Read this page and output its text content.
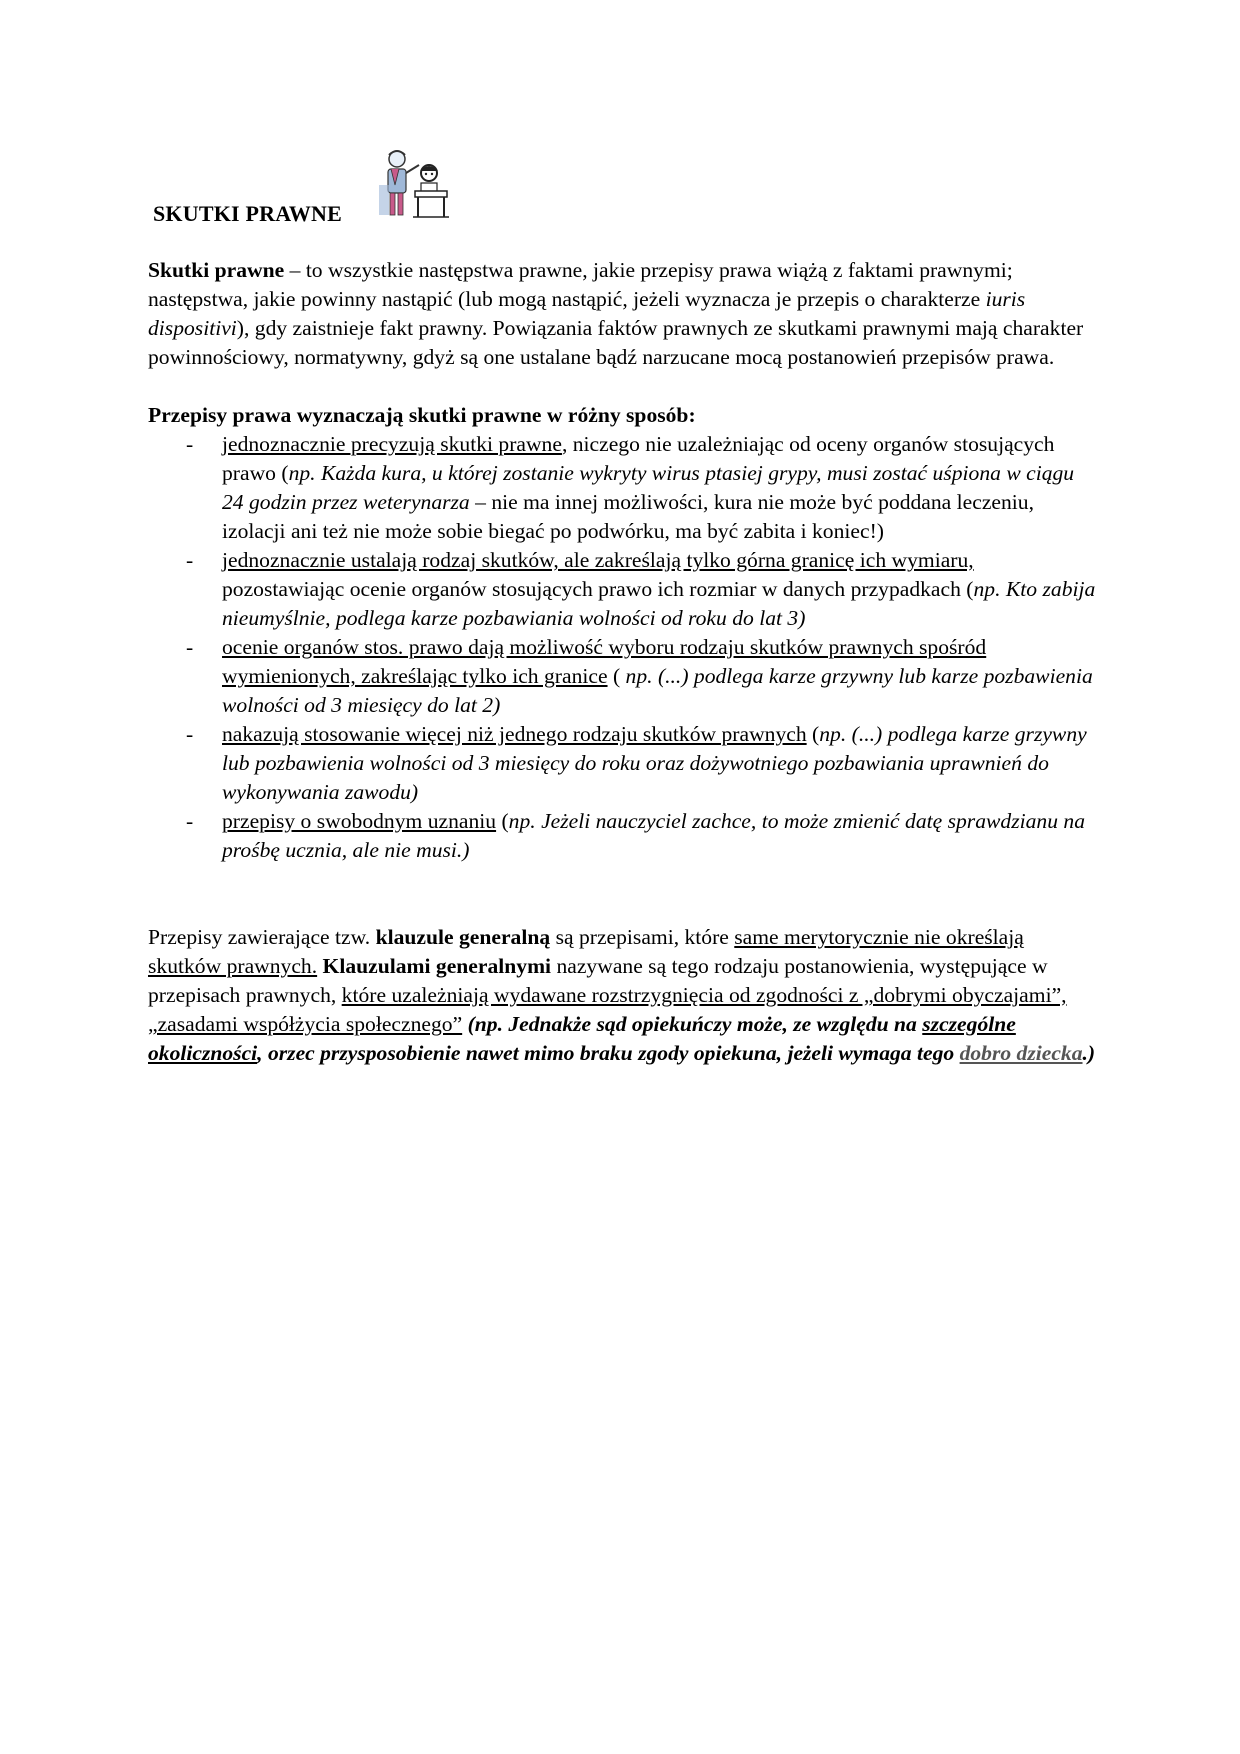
SKUTKI PRAWNE

Skutki prawne – to wszystkie następstwa prawne, jakie przepisy prawa wiążą z faktami prawnymi; następstwa, jakie powinny nastąpić (lub mogą nastąpić, jeżeli wyznacza je przepis o charakterze iuris dispositivi), gdy zaistnieje fakt prawny. Powiązania faktów prawnych ze skutkami prawnymi mają charakter powinnościowy, normatywny, gdyż są one ustalane bądź narzucane mocą postanowień przepisów prawa.

Przepisy prawa wyznaczają skutki prawne w różny sposób:

- jednoznacznie precyzują skutki prawne, niczego nie uzależniając od oceny organów stosujących prawo (np. Każda kura, u której zostanie wykryty wirus ptasiej grypy, musi zostać uśpiona w ciągu 24 godzin przez weterynarza – nie ma innej możliwości, kura nie może być poddana leczeniu, izolacji ani też nie może sobie biegać po podwórku, ma być zabita i koniec!)
- jednoznacznie ustalają rodzaj skutków, ale zakreślają tylko górna granicę ich wymiaru, pozostawiając ocenie organów stosujących prawo ich rozmiar w danych przypadkach (np. Kto zabija nieumyślnie, podlega karze pozbawiania wolności od roku do lat 3)
- ocenie organów stos. prawo dają możliwość wyboru rodzaju skutków prawnych spośród wymienionych, zakreślając tylko ich granice ( np. (...) podlega karze grzywny lub karze pozbawienia wolności od 3 miesięcy do lat 2)
- nakazują stosowanie więcej niż jednego rodzaju skutków prawnych (np. (...) podlega karze grzywny lub pozbawienia wolności od 3 miesięcy do roku oraz dożywotniego pozbawiania uprawnień do wykonywania zawodu)
- przepisy o swobodnym uznaniu (np. Jeżeli nauczyciel zachce, to może zmienić datę sprawdzianu na prośbę ucznia, ale nie musi.)

Przepisy zawierające tzw. klauzule generalną są przepisami, które same merytorycznie nie określają skutków prawnych. Klauzulami generalnymi nazywane są tego rodzaju postanowienia, występujące w przepisach prawnych, które uzależniają wydawane rozstrzygnięcia od zgodności z „dobrymi obyczajami”, „zasadami współżycia społecznego” (np. Jednakże sąd opiekuńczy może, ze względu na szczególne okoliczności, orzec przysposobienie nawet mimo braku zgody opiekuna, jeżeli wymaga tego dobro dziecka.)
